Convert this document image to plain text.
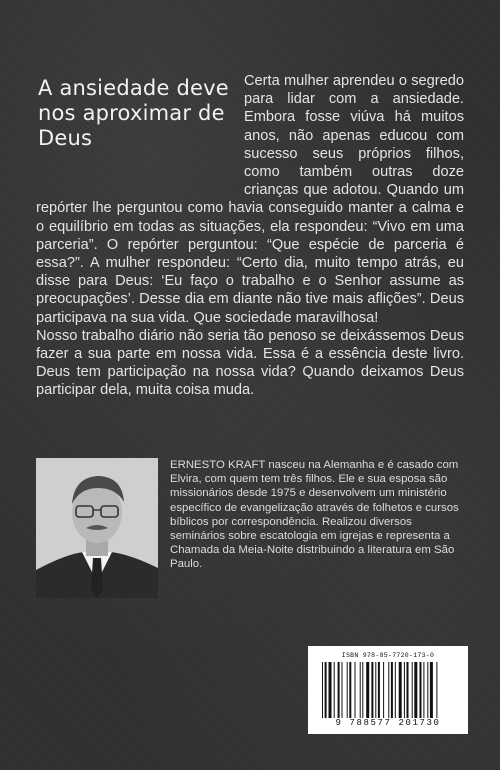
A ansiedade deve nos aproximar de Deus

Certa mulher aprendeu o segredo para lidar com a ansiedade. Embora fosse viúva há muitos anos, não apenas educou com sucesso seus próprios filhos, como também outras doze crianças que adotou. Quando um repórter lhe perguntou como havia conseguido manter a calma e o equilíbrio em todas as situações, ela respondeu: “Vivo em uma parceria”. O repórter perguntou: “Que espécie de parceria é essa?”. A mulher respondeu: “Certo dia, muito tempo atrás, eu disse para Deus: ‘Eu faço o trabalho e o Senhor assume as preocupações’. Desse dia em diante não tive mais aflições”. Deus participava na sua vida. Que sociedade maravilhosa!

Nosso trabalho diário não seria tão penoso se deixássemos Deus fazer a sua parte em nossa vida. Essa é a essência deste livro. Deus tem participação na nossa vida? Quando deixamos Deus participar dela, muita coisa muda.

ERNESTO KRAFT nasceu na Alemanha e é casado com Elvira, com quem tem três filhos. Ele e sua esposa são missionários desde 1975 e desenvolvem um ministério específico de evangelização através de folhetos e cursos bíblicos por correspondência. Realizou diversos seminários sobre escatologia em igrejas e representa a Chamada da Meia-Noite distribuindo a literatura em São Paulo.

ISBN 978-85-7720-173-0
9 788577 201730
